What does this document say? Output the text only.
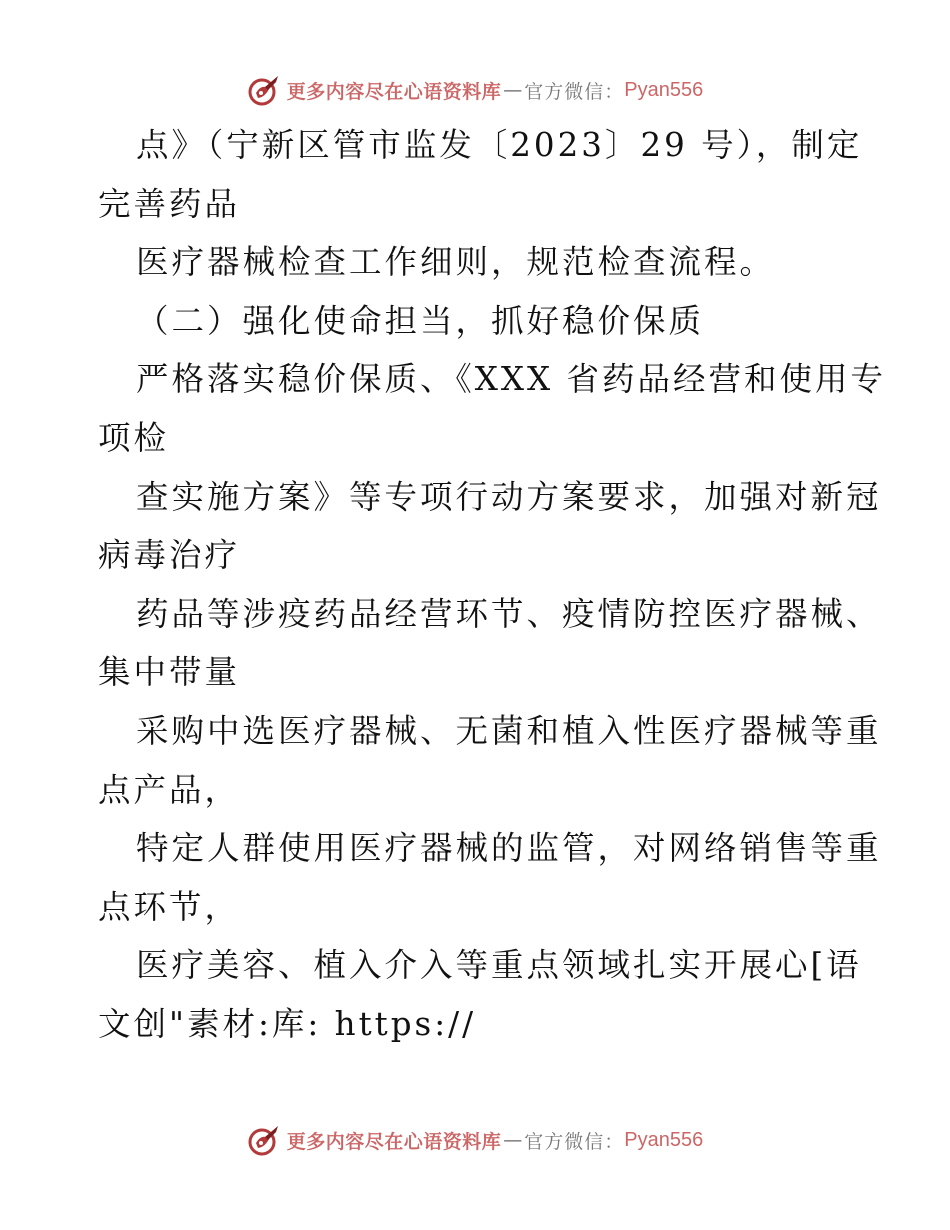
更多内容尽在心语资料库 — 官方微信： Pyan556
点》（宁新区管市监发〔2023〕29 号），制定
完善药品
医疗器械检查工作细则，规范检查流程。
（二）强化使命担当，抓好稳价保质
严格落实稳价保质、《XXX 省药品经营和使用专
项检
查实施方案》等专项行动方案要求，加强对新冠
病毒治疗
药品等涉疫药品经营环节、疫情防控医疗器械、
集中带量
采购中选医疗器械、无菌和植入性医疗器械等重
点产品，
特定人群使用医疗器械的监管，对网络销售等重
点环节，
医疗美容、植入介入等重点领域扎实开展心[语
文创"素材:库: https://
更多内容尽在心语资料库 — 官方微信： Pyan556
